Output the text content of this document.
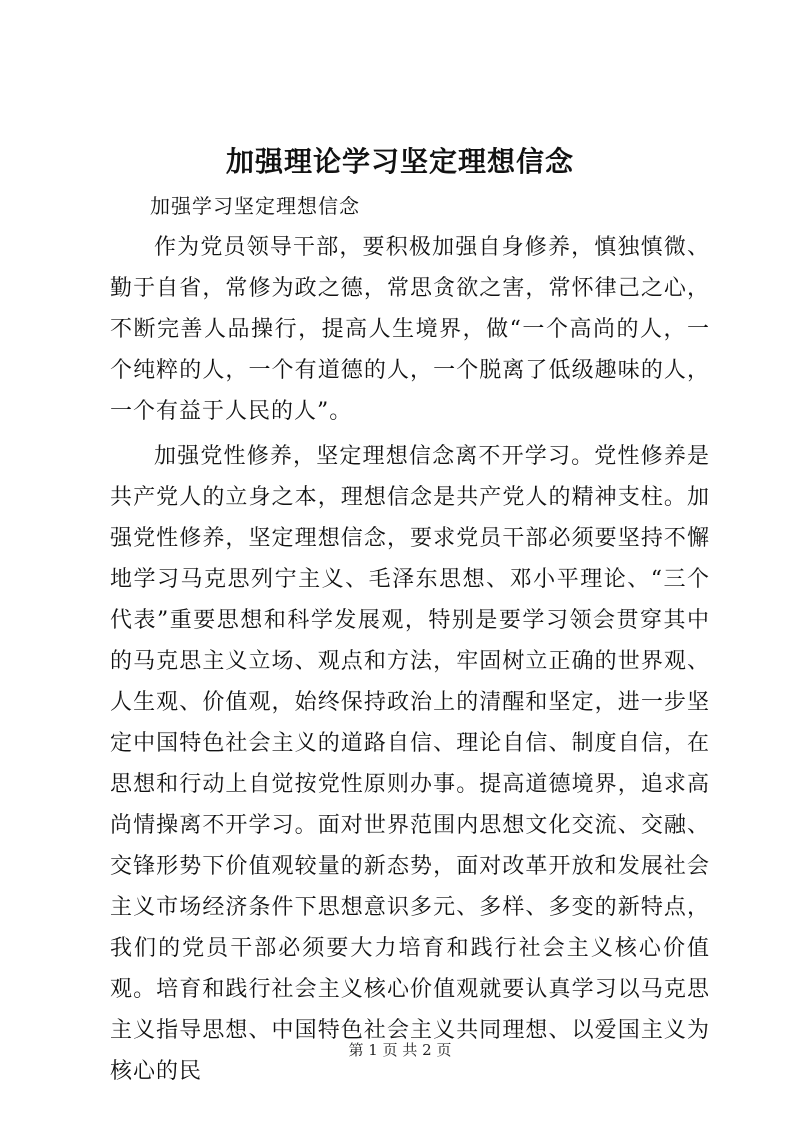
加强理论学习坚定理想信念

加强学习坚定理想信念

作为党员领导干部，要积极加强自身修养，慎独慎微、勤于自省，常修为政之德，常思贪欲之害，常怀律己之心，不断完善人品操行，提高人生境界，做“一个高尚的人，一个纯粹的人，一个有道德的人，一个脱离了低级趣味的人，一个有益于人民的人”。

加强党性修养，坚定理想信念离不开学习。党性修养是共产党人的立身之本，理想信念是共产党人的精神支柱。加强党性修养，坚定理想信念，要求党员干部必须要坚持不懈地学习马克思列宁主义、毛泽东思想、邓小平理论、“三个代表”重要思想和科学发展观，特别是要学习领会贯穿其中的马克思主义立场、观点和方法，牢固树立正确的世界观、人生观、价值观，始终保持政治上的清醒和坚定，进一步坚定中国特色社会主义的道路自信、理论自信、制度自信，在思想和行动上自觉按党性原则办事。提高道德境界，追求高尚情操离不开学习。面对世界范围内思想文化交流、交融、交锋形势下价值观较量的新态势，面对改革开放和发展社会主义市场经济条件下思想意识多元、多样、多变的新特点，我们的党员干部必须要大力培育和践行社会主义核心价值观。培育和践行社会主义核心价值观就要认真学习以马克思主义指导思想、中国特色社会主义共同理想、以爱国主义为核心的民

第 1 页 共 2 页
